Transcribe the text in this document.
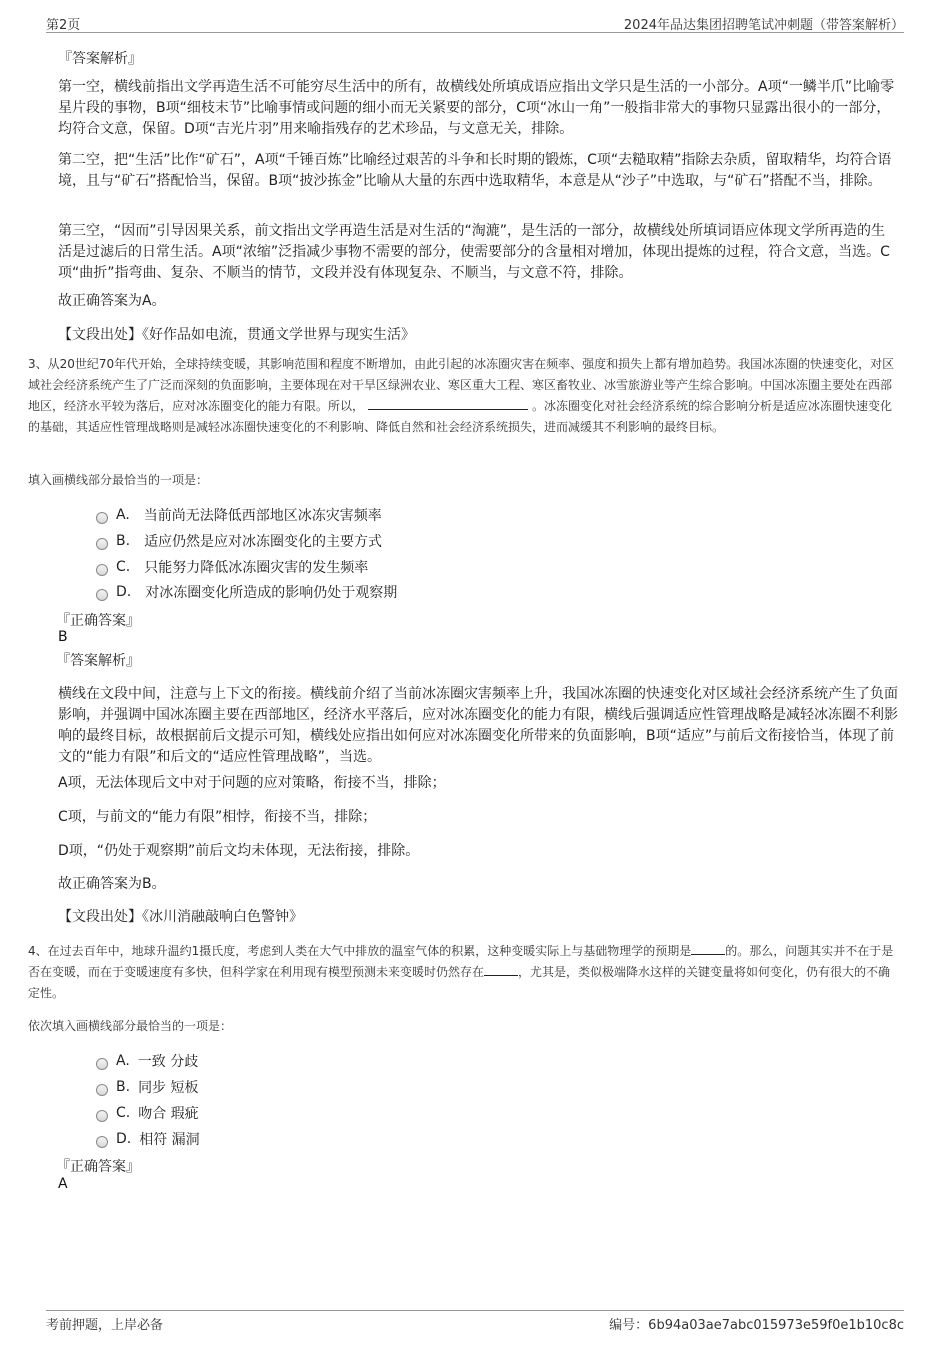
第2页	2024年品达集团招聘笔试冲刺题（带答案解析）
『答案解析』

第一空，横线前指出文学再造生活不可能穷尽生活中的所有，故横线处所填成语应指出文学只是生活的一小部分。A项“一鳞半爪”比喻零星片段的事物，B项“细枝末节”比喻事情或问题的细小而无关紧要的部分，C项“冰山一角”一般指非常大的事物只显露出很小的一部分，均符合文意，保留。D项“吉光片羽”用来喻指残存的艺术珍品，与文意无关，排除。

第二空，把“生活”比作“矿石”，A项“千锤百炼”比喻经过艰苦的斗争和长时期的锻炼，C项“去糙取精”指除去杂质，留取精华，均符合语境，且与“矿石”搭配恰当，保留。B项“披沙拣金”比喻从大量的东西中选取精华，本意是从“沙子”中选取，与“矿石”搭配不当，排除。

第三空，“因而”引导因果关系，前文指出文学再造生活是对生活的“淘漉”，是生活的一部分，故横线处所填词语应体现文学所再造的生活是过滤后的日常生活。A项“浓缩”泛指减少事物不需要的部分，使需要部分的含量相对增加，体现出提炼的过程，符合文意，当选。C项“曲折”指弯曲、复杂、不顺当的情节，文段并没有体现复杂、不顺当，与文意不符，排除。

故正确答案为A。
【文段出处】《好作品如电流，贯通文学世界与现实生活》

3、从20世纪70年代开始，全球持续变暖，其影响范围和程度不断增加，由此引起的冰冻圈灾害在频率、强度和损失上都有增加趋势。我国冰冻圈的快速变化，对区域社会经济系统产生了广泛而深刻的负面影响，主要体现在对干旱区绿洲农业、寒区重大工程、寒区畜牧业、冰雪旅游业等产生综合影响。中国冰冻圈主要处在西部地区，经济水平较为落后，应对冰冻圈变化的能力有限。所以，	。冰冻圈变化对社会经济系统的综合影响分析是适应冰冻圈快速变化的基础，其适应性管理战略则是减轻冰冻圈快速变化的不利影响、降低自然和社会经济系统损失，进而减缓其不利影响的最终目标。

填入画横线部分最恰当的一项是：
A. 当前尚无法降低西部地区冰冻灾害频率
B. 适应仍然是应对冰冻圈变化的主要方式
C. 只能努力降低冰冻圈灾害的发生频率
D. 对冰冻圈变化所造成的影响仍处于观察期
『正确答案』
B
『答案解析』

横线在文段中间，注意与上下文的衔接。横线前介绍了当前冰冻圈灾害频率上升，我国冰冻圈的快速变化对区域社会经济系统产生了负面影响，并强调中国冰冻圈主要在西部地区，经济水平落后，应对冰冻圈变化的能力有限，横线后强调适应性管理战略是减轻冰冻圈不利影响的最终目标，故根据前后文提示可知，横线处应指出如何应对冰冻圈变化所带来的负面影响，B项“适应”与前后文衔接恰当，体现了前文的“能力有限”和后文的“适应性管理战略”，当选。

A项，无法体现后文中对于问题的应对策略，衔接不当，排除；
C项，与前文的“能力有限”相悖，衔接不当，排除；
D项，“仍处于观察期”前后文均未体现，无法衔接，排除。
故正确答案为B。
【文段出处】《冰川消融敲响白色警钟》

4、在过去百年中，地球升温约1摄氏度，考虑到人类在大气中排放的温室气体的积累，这种变暖实际上与基础物理学的预期是	的。那么，问题其实并不在于是否在变暖，而在于变暖速度有多快，但科学家在利用现有模型预测未来变暖时仍然存在	，尤其是，类似极端降水这样的关键变量将如何变化，仍有很大的不确定性。

依次填入画横线部分最恰当的一项是：
A. 一致 分歧
B. 同步 短板
C. 吻合 瑕疵
D. 相符 漏洞
『正确答案』
A
考前押题，上岸必备	编号：6b94a03ae7abc015973e59f0e1b10c8c
